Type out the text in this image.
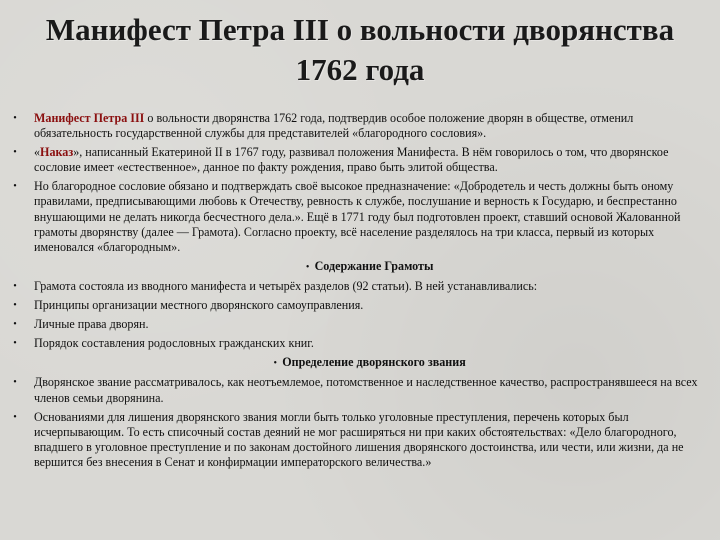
Манифест Петра III о вольности дворянства
1762 года
• Манифест Петра III о вольности дворянства 1762 года, подтвердив особое положение дворян в обществе, отменил обязательность государственной службы для представителей «благородного сословия».
• «Наказ», написанный Екатериной II в 1767 году, развивал положения Манифеста. В нём говорилось о том, что дворянское сословие имеет «естественное», данное по факту рождения, право быть элитой общества.
• Но благородное сословие обязано и подтверждать своё высокое предназначение: «Добродетель и честь должны быть оному правилами, предписывающими любовь к Отечеству, ревность к службе, послушание и верность к Государю, и беспрестанно внушающими не делать никогда бесчестного дела.». Ещё в 1771 году был подготовлен проект, ставший основой Жалованной грамоты дворянству (далее — Грамота). Согласно проекту, всё население разделялось на три класса, первый из которых именовался «благородным».
• Содержание Грамоты
• Грамота состояла из вводного манифеста и четырёх разделов (92 статьи). В ней устанавливались:
• Принципы организации местного дворянского самоуправления.
• Личные права дворян.
• Порядок составления родословных гражданских книг.
• Определение дворянского звания
• Дворянское звание рассматривалось, как неотъемлемое, потомственное и наследственное качество, распространявшееся на всех членов семьи дворянина.
• Основаниями для лишения дворянского звания могли быть только уголовные преступления, перечень которых был исчерпывающим. То есть списочный состав деяний не мог расширяться ни при каких обстоятельствах: «Дело благородного, впадшего в уголовное преступление и по законам достойного лишения дворянского достоинства, или чести, или жизни, да не вершится без внесения в Сенат и конфирмации императорского величества.»
